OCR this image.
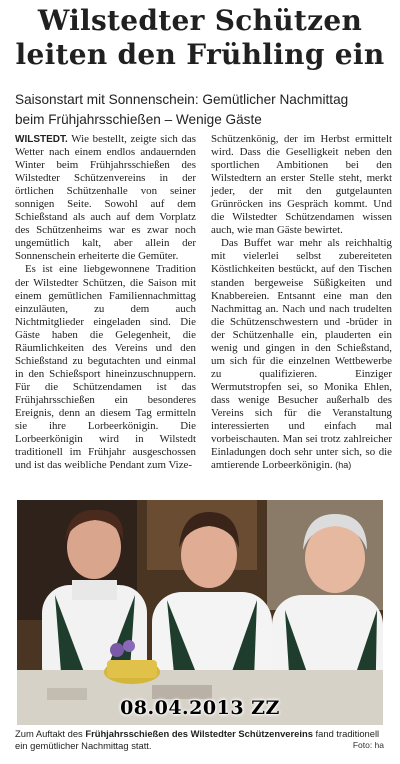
Wilstedter Schützen
leiten den Frühling ein
Saisonstart mit Sonnenschein: Gemütlicher Nachmittag
beim Frühjahrsschießen – Wenige Gäste

WILSTEDT. Wie bestellt, zeigte sich das Wetter nach einem endlos andauernden Winter beim Frühjahrsschießen des Wilstedter Schützenvereins in der örtlichen Schützenhalle von seiner sonnigen Seite. Sowohl auf dem Schießstand als auch auf dem Vorplatz des Schützenheims war es zwar noch ungemütlich kalt, aber allein der Sonnenschein erheiterte die Gemüter.

Es ist eine liebgewonnene Tradition der Wilstedter Schützen, die Saison mit einem gemütlichen Familiennachmittag einzuläuten, zu dem auch Nichtmitglieder eingeladen sind. Die Gäste haben die Gelegenheit, die Räumlichkeiten des Vereins und den Schießstand zu begutachten und einmal in den Schießsport hineinzuschnuppern. Für die Schützendamen ist das Frühjahrsschießen ein besonderes Ereignis, denn an diesem Tag ermitteln sie ihre Lorbeerkönigin. Die Lorbeerkönigin wird in Wilstedt traditionell im Frühjahr ausgeschossen und ist das weibliche Pendant zum Vize-

Schützenkönig, der im Herbst ermittelt wird. Dass die Geselligkeit neben den sportlichen Ambitionen bei den Wilstedtern an erster Stelle steht, merkt jeder, der mit den gutgelaunten Grünröcken ins Gespräch kommt. Und die Wilstedter Schützendamen wissen auch, wie man Gäste bewirtet.

Das Buffet war mehr als reichhaltig mit vielerlei selbst zubereiteten Köstlichkeiten bestückt, auf den Tischen standen bergeweise Süßigkeiten und Knabbereien. Entsannt eine man den Nachmittag an. Nach und nach trudelten die Schützenschwestern und -brüder in der Schützenhalle ein, plauderten ein wenig und gingen in den Schießstand, um sich für die einzelnen Wettbewerbe zu qualifizieren. Einziger Wermutstropfen sei, so Monika Ehlen, dass wenige Besucher außerhalb des Vereins sich für die Veranstaltung interessierten und einfach mal vorbeischauten. Man sei trotz zahlreicher Einladungen doch sehr unter sich, so die amtierende Lorbeerkönigin. (ha)

08.04.2013 ZZ
Zum Auftakt des Frühjahrsschießen des Wilstedter Schützenvereins fand traditionell ein gemütlicher Nachmittag statt.	Foto: ha
